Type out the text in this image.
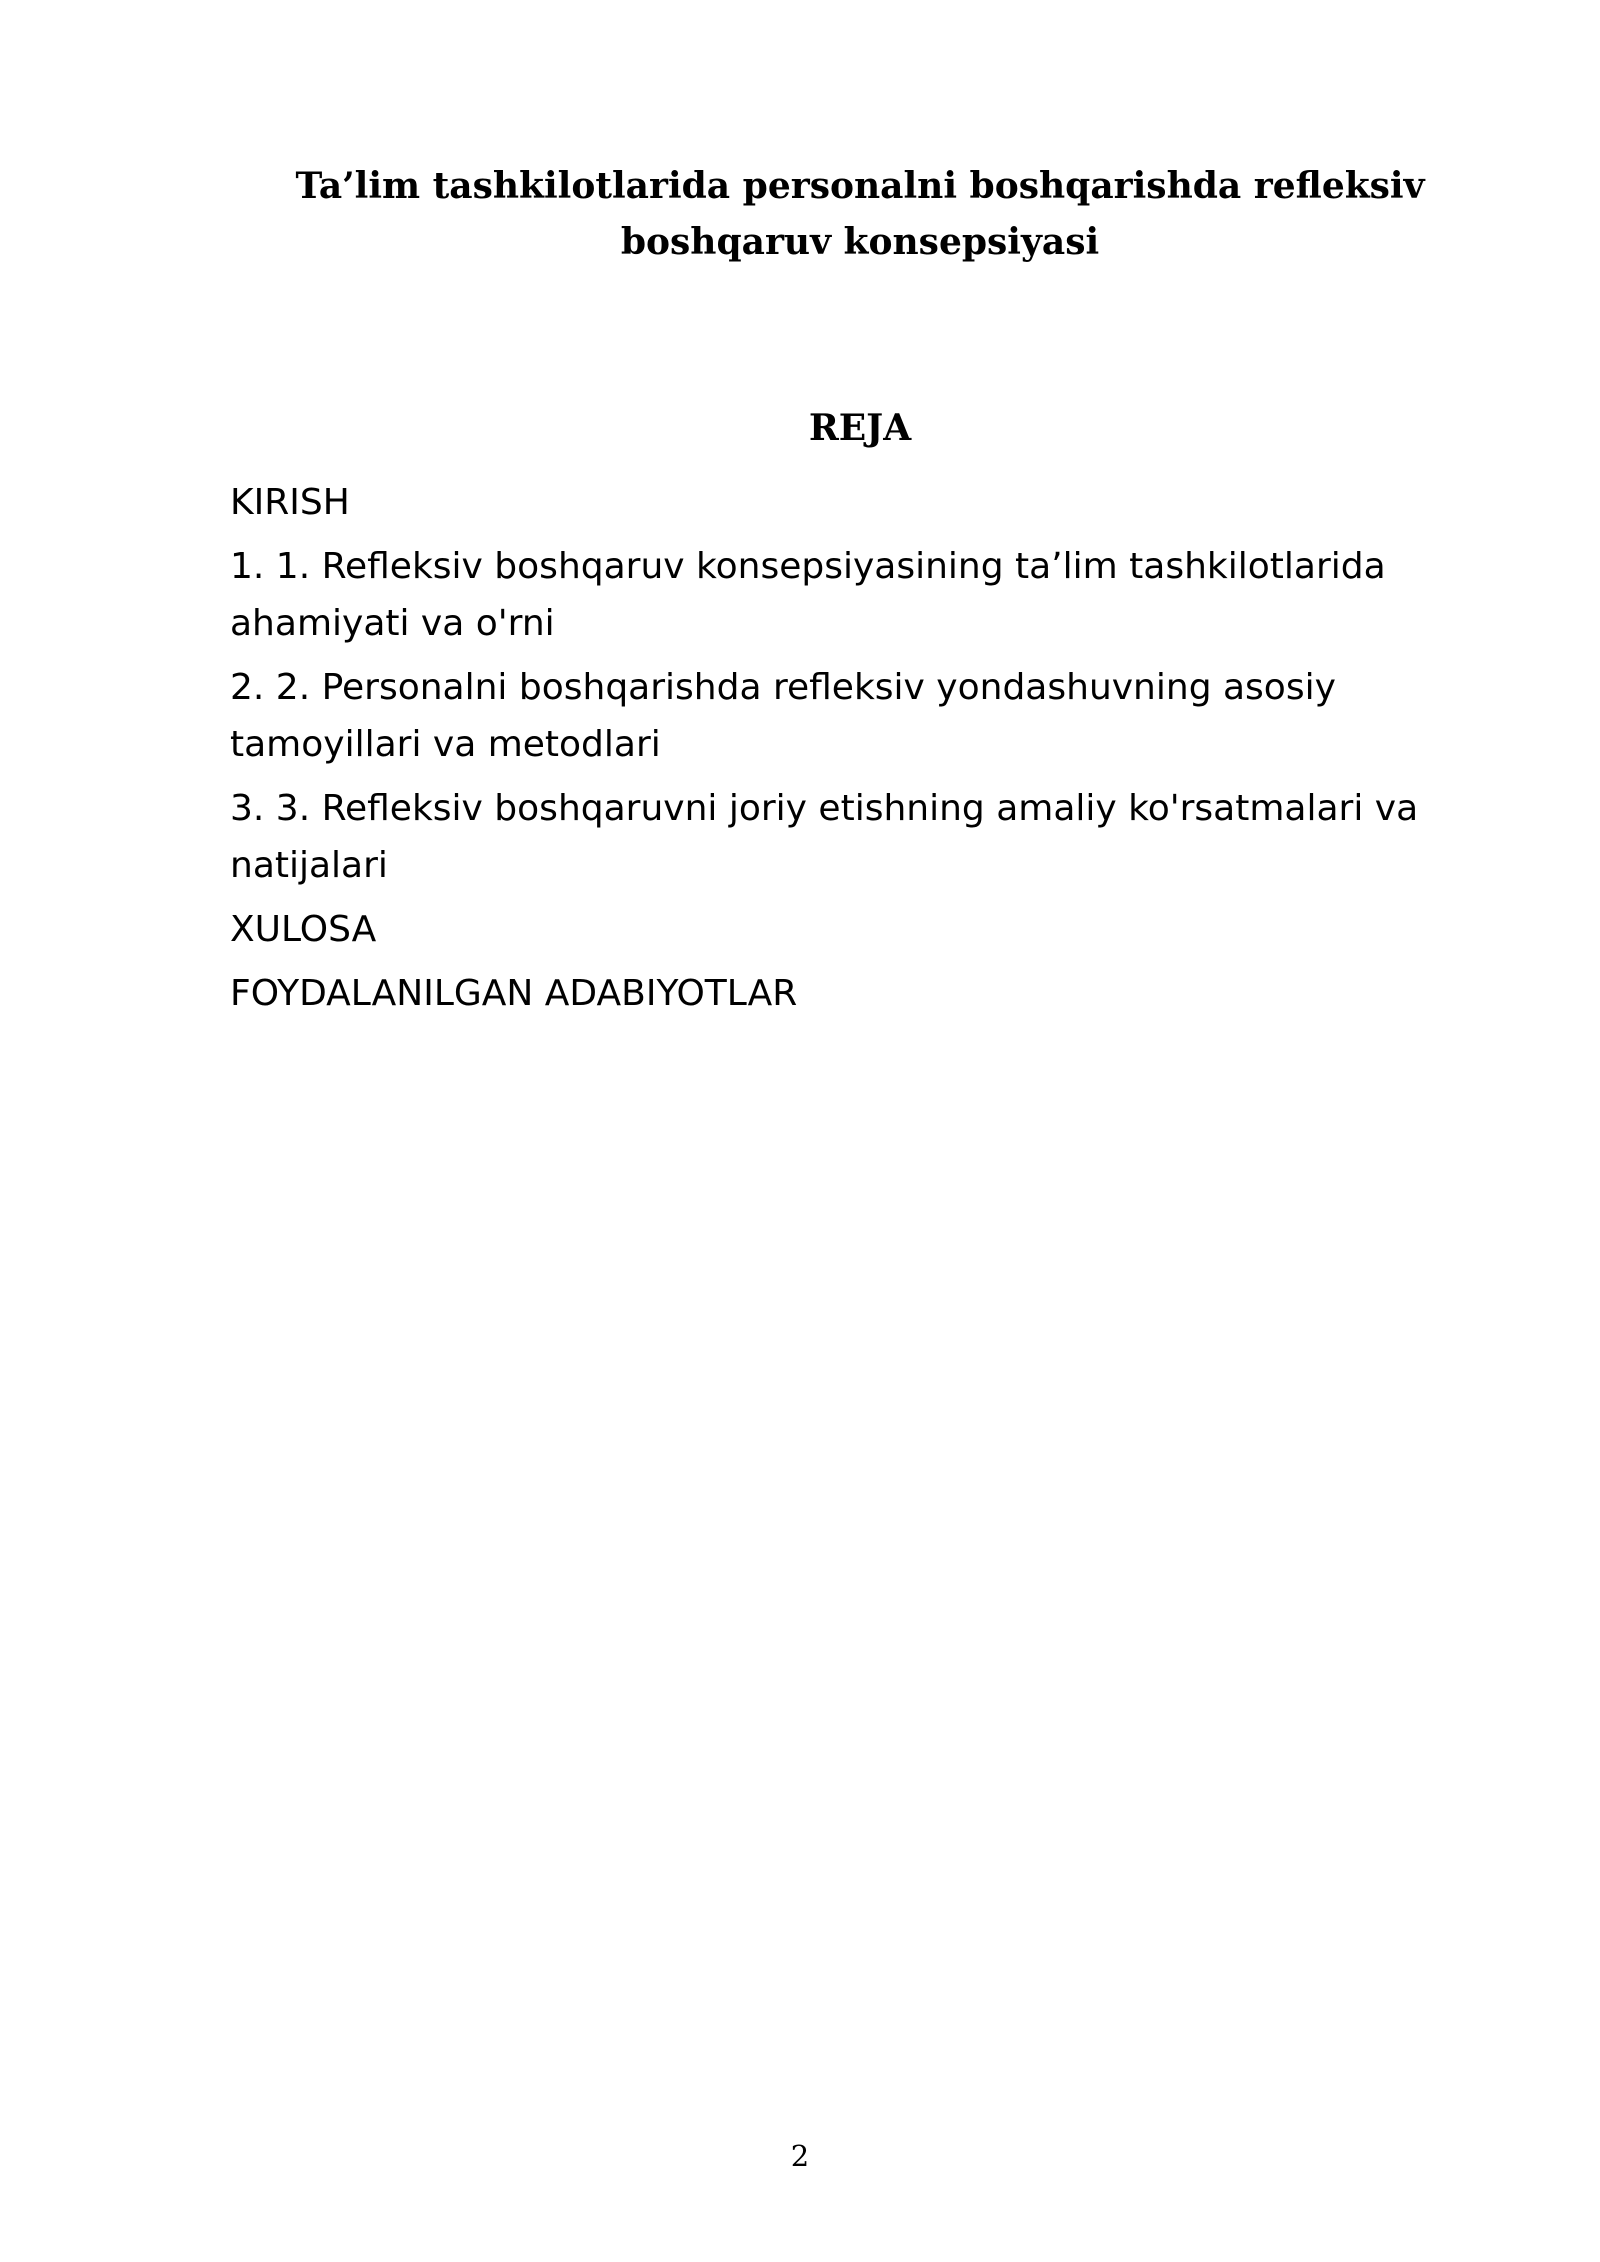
Ta’lim tashkilotlarida personalni boshqarishda refleksiv boshqaruv konsepsiyasi
REJA
KIRISH
1. 1. Refleksiv boshqaruv konsepsiyasining ta’lim tashkilotlarida ahamiyati va o'rni
2. 2. Personalni boshqarishda refleksiv yondashuvning asosiy tamoyillari va metodlari
3. 3. Refleksiv boshqaruvni joriy etishning amaliy ko'rsatmalari va natijalari
XULOSA
FOYDALANILGAN ADABIYOTLAR
2
